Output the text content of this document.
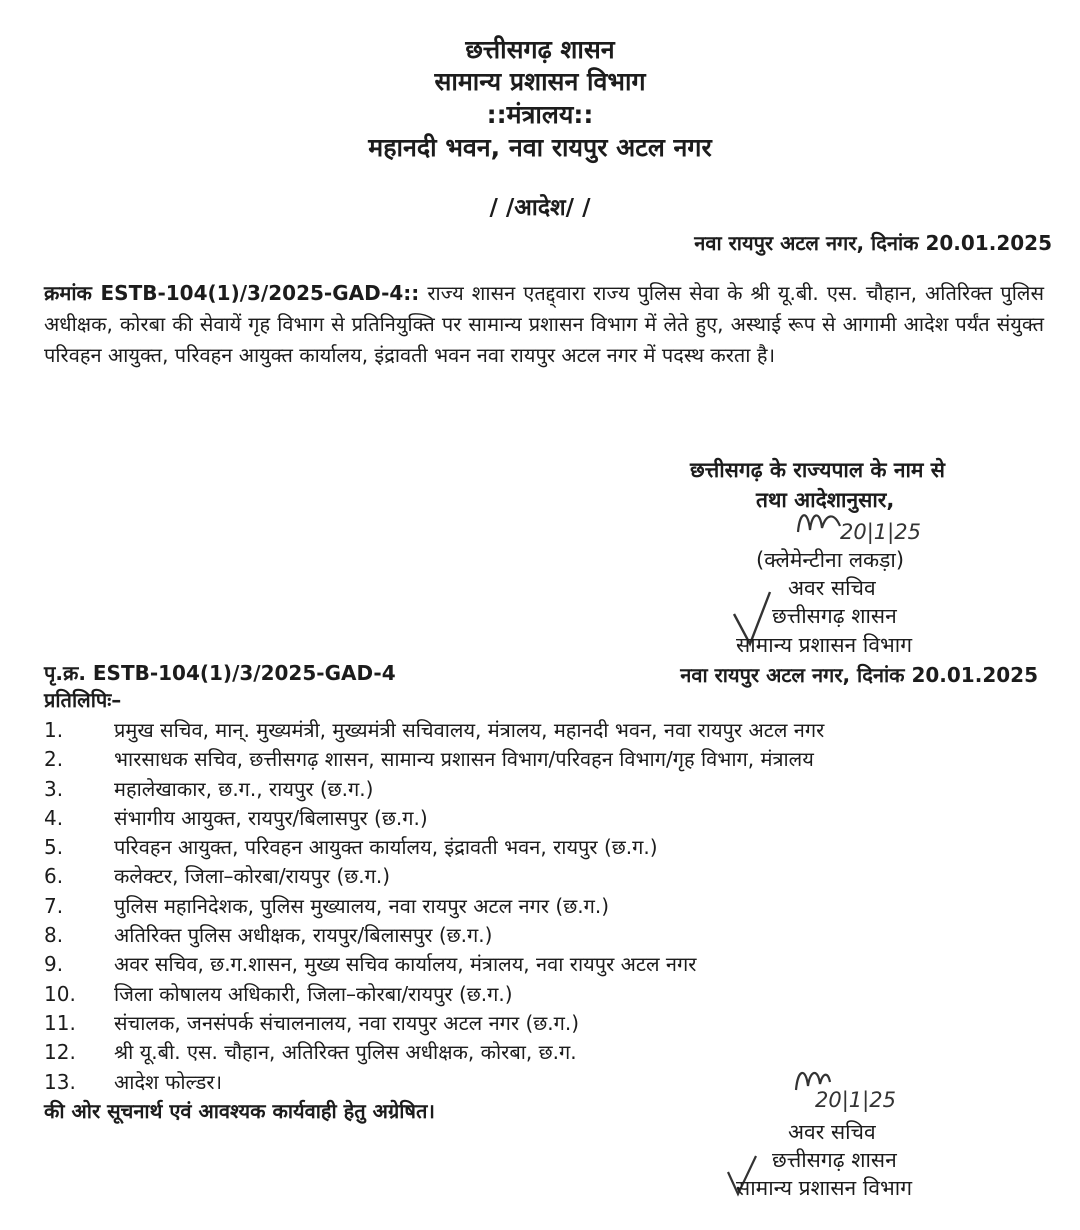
छत्तीसगढ़ शासन
सामान्य प्रशासन विभाग
::मंत्रालय::
महानदी भवन, नवा रायपुर अटल नगर
/ /आदेश/ /
नवा रायपुर अटल नगर, दिनांक 20.01.2025
क्रमांक ESTB-104(1)/3/2025-GAD-4:: राज्य शासन एतद्द्वारा राज्य पुलिस सेवा के श्री यू.बी. एस. चौहान, अतिरिक्त पुलिस अधीक्षक, कोरबा की सेवायें गृह विभाग से प्रतिनियुक्ति पर सामान्य प्रशासन विभाग में लेते हुए, अस्थाई रूप से आगामी आदेश पर्यंत संयुक्त परिवहन आयुक्त, परिवहन आयुक्त कार्यालय, इंद्रावती भवन नवा रायपुर अटल नगर में पदस्थ करता है।
छत्तीसगढ़ के राज्यपाल के नाम से
तथा आदेशानुसार,
20|1|25
(क्लेमेन्टीना लकड़ा)
अवर सचिव
छत्तीसगढ़ शासन
सामान्य प्रशासन विभाग
पृ.क्र. ESTB-104(1)/3/2025-GAD-4	नवा रायपुर अटल नगर, दिनांक 20.01.2025
प्रतिलिपिः–
1.	प्रमुख सचिव, मान्. मुख्यमंत्री, मुख्यमंत्री सचिवालय, मंत्रालय, महानदी भवन, नवा रायपुर अटल नगर
2.	भारसाधक सचिव, छत्तीसगढ़ शासन, सामान्य प्रशासन विभाग/परिवहन विभाग/गृह विभाग, मंत्रालय
3.	महालेखाकार, छ.ग., रायपुर (छ.ग.)
4.	संभागीय आयुक्त, रायपुर/बिलासपुर (छ.ग.)
5.	परिवहन आयुक्त, परिवहन आयुक्त कार्यालय, इंद्रावती भवन, रायपुर (छ.ग.)
6.	कलेक्टर, जिला–कोरबा/रायपुर (छ.ग.)
7.	पुलिस महानिदेशक, पुलिस मुख्यालय, नवा रायपुर अटल नगर (छ.ग.)
8.	अतिरिक्त पुलिस अधीक्षक, रायपुर/बिलासपुर (छ.ग.)
9.	अवर सचिव, छ.ग.शासन, मुख्य सचिव कार्यालय, मंत्रालय, नवा रायपुर अटल नगर
10. जिला कोषालय अधिकारी, जिला–कोरबा/रायपुर (छ.ग.)
11. संचालक, जनसंपर्क संचालनालय, नवा रायपुर अटल नगर (छ.ग.)
12. श्री यू.बी. एस. चौहान, अतिरिक्त पुलिस अधीक्षक, कोरबा, छ.ग.
13. आदेश फोल्डर।
की ओर सूचनार्थ एवं आवश्यक कार्यवाही हेतु अग्रेषित।	20|1|25
अवर सचिव
छत्तीसगढ़ शासन
सामान्य प्रशासन विभाग
